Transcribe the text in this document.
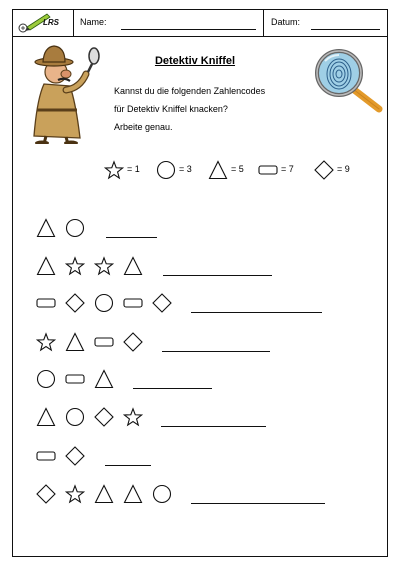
LRS Name:	Datum:
Detektiv Kniffel
Kannst du die folgenden Zahlencodes
für Detektiv Kniffel knacken?
Arbeite genau.
= 1	= 3	= 5	= 7	= 9
